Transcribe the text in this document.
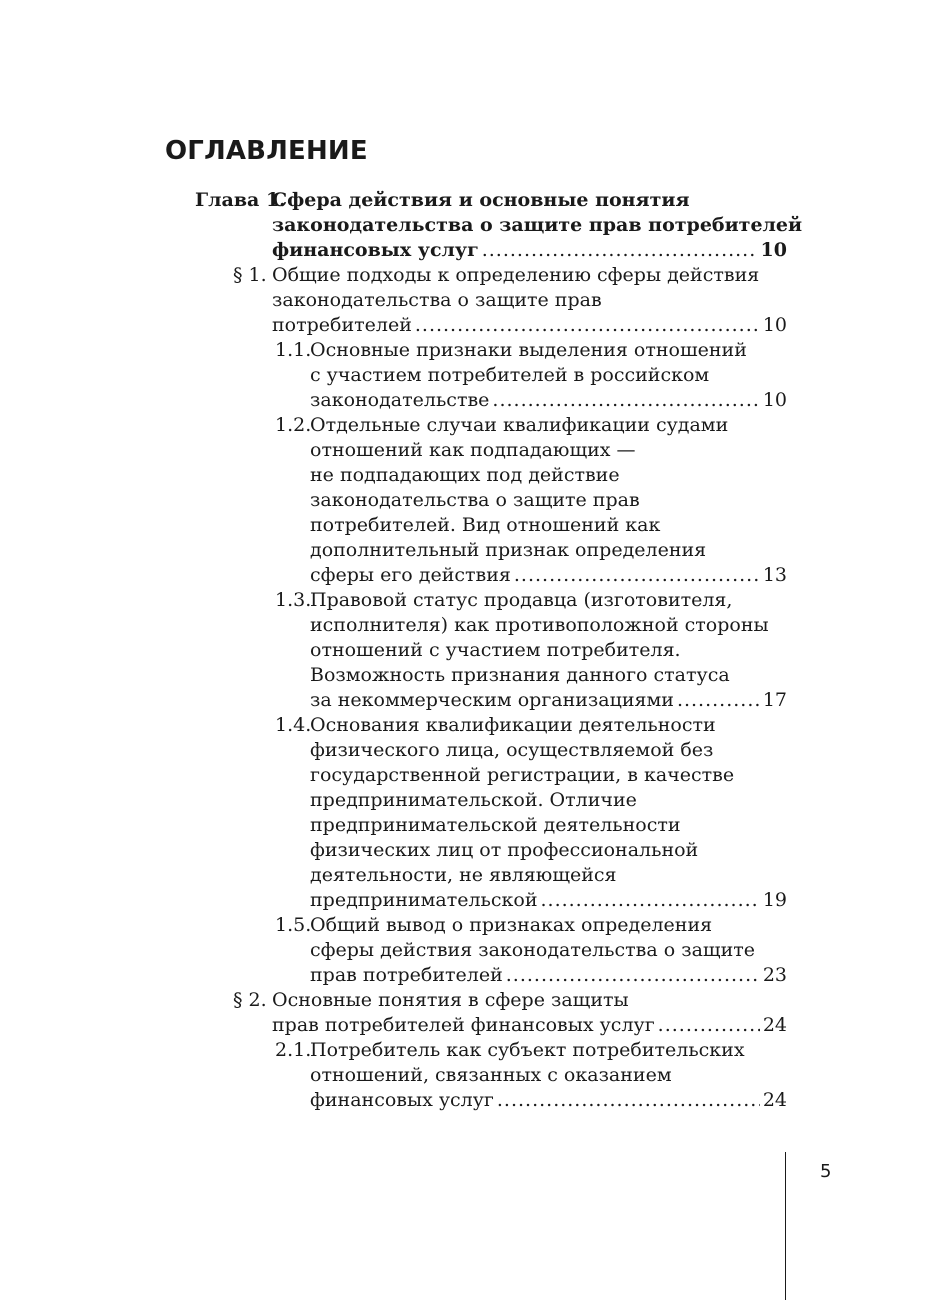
ОГЛАВЛЕНИЕ
Глава 1.
Сфера действия и основные понятия
законодательства о защите прав потребителей
финансовых услуг .....	10
§ 1. Общие подходы к определению сферы действия
законодательства о защите прав
потребителей .....	10
1.1.
Основные признаки выделения отношений
с участием потребителей в российском
законодательстве .....	10
1.2.
Отдельные случаи квалификации судами
отношений как подпадающих —
не подпадающих под действие
законодательства о защите прав
потребителей. Вид отношений как
дополнительный признак определения
сферы его действия .....	13
1.3.
Правовой статус продавца (изготовителя,
исполнителя) как противоположной стороны
отношений с участием потребителя.
Возможность признания данного статуса
за некоммерческим организациями .....	17
1.4.
Основания квалификации деятельности
физического лица, осуществляемой без
государственной регистрации, в качестве
предпринимательской. Отличие
предпринимательской деятельности
физических лиц от профессиональной
деятельности, не являющейся
предпринимательской .....	19
1.5.
Общий вывод о признаках определения
сферы действия законодательства о защите
прав потребителей .....	23
§ 2. Основные понятия в сфере защиты
прав потребителей финансовых услуг .....	24
2.1.
Потребитель как субъект потребительских
отношений, связанных с оказанием
финансовых услуг .....	24
5
